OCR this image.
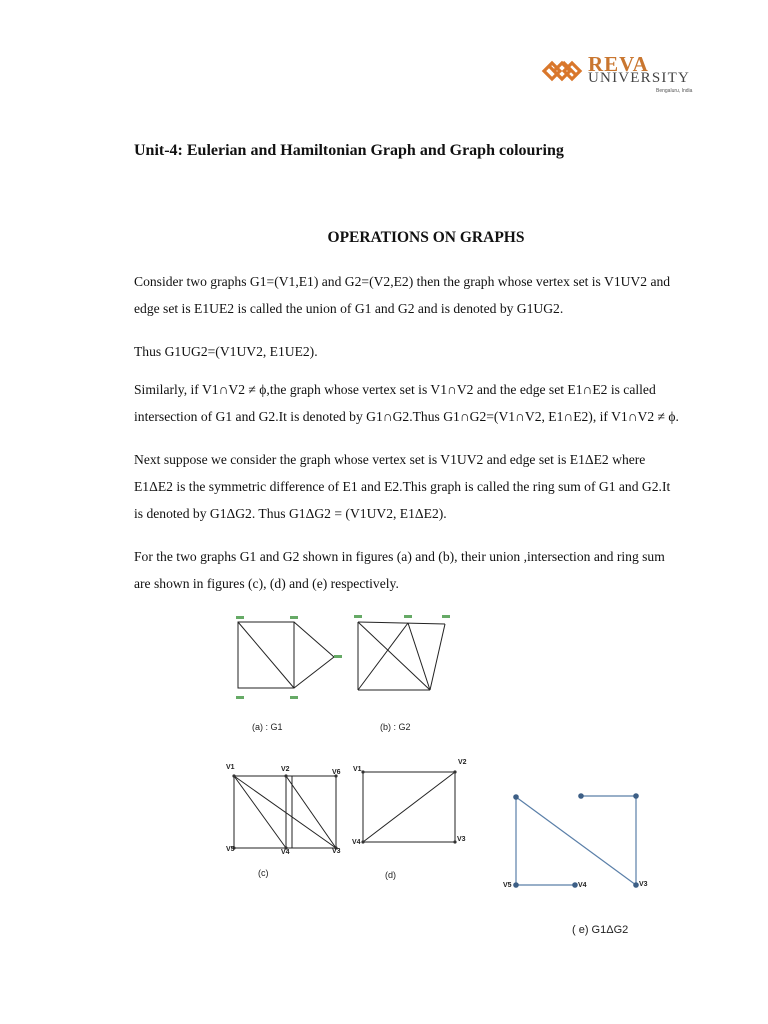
REVA
UNIVERSITY
Bengaluru, India
Unit-4: Eulerian and Hamiltonian Graph and Graph colouring
OPERATIONS ON GRAPHS
Consider two graphs G1=(V1,E1) and G2=(V2,E2) then the graph whose vertex set is V1UV2 and
edge set is E1UE2 is called the union of G1 and G2 and is denoted by G1UG2.
Thus G1UG2=(V1UV2, E1UE2).
Similarly, if V1∩V2 ≠ ϕ,the graph whose vertex set is V1∩V2 and the edge set E1∩E2 is called
intersection of G1 and G2.It is denoted by G1∩G2.Thus G1∩G2=(V1∩V2, E1∩E2), if V1∩V2 ≠ ϕ.
Next suppose we consider the graph whose vertex set is V1UV2 and edge set is E1ΔE2 where
E1ΔE2 is the symmetric difference of E1 and E2.This graph is called the ring sum of G1 and G2.It
is denoted by G1ΔG2. Thus G1ΔG2 = (V1UV2, E1ΔE2).
For the two graphs G1 and G2 shown in figures (a) and (b), their union ,intersection and ring sum
are shown in figures (c), (d) and (e) respectively.
(a) : G1	(b) : G2
V1	V2	V6
V5	V4	V3
(c)
V1
V2
V4	V3
(d)
V5	V4	V3
( e) G1ΔG2
